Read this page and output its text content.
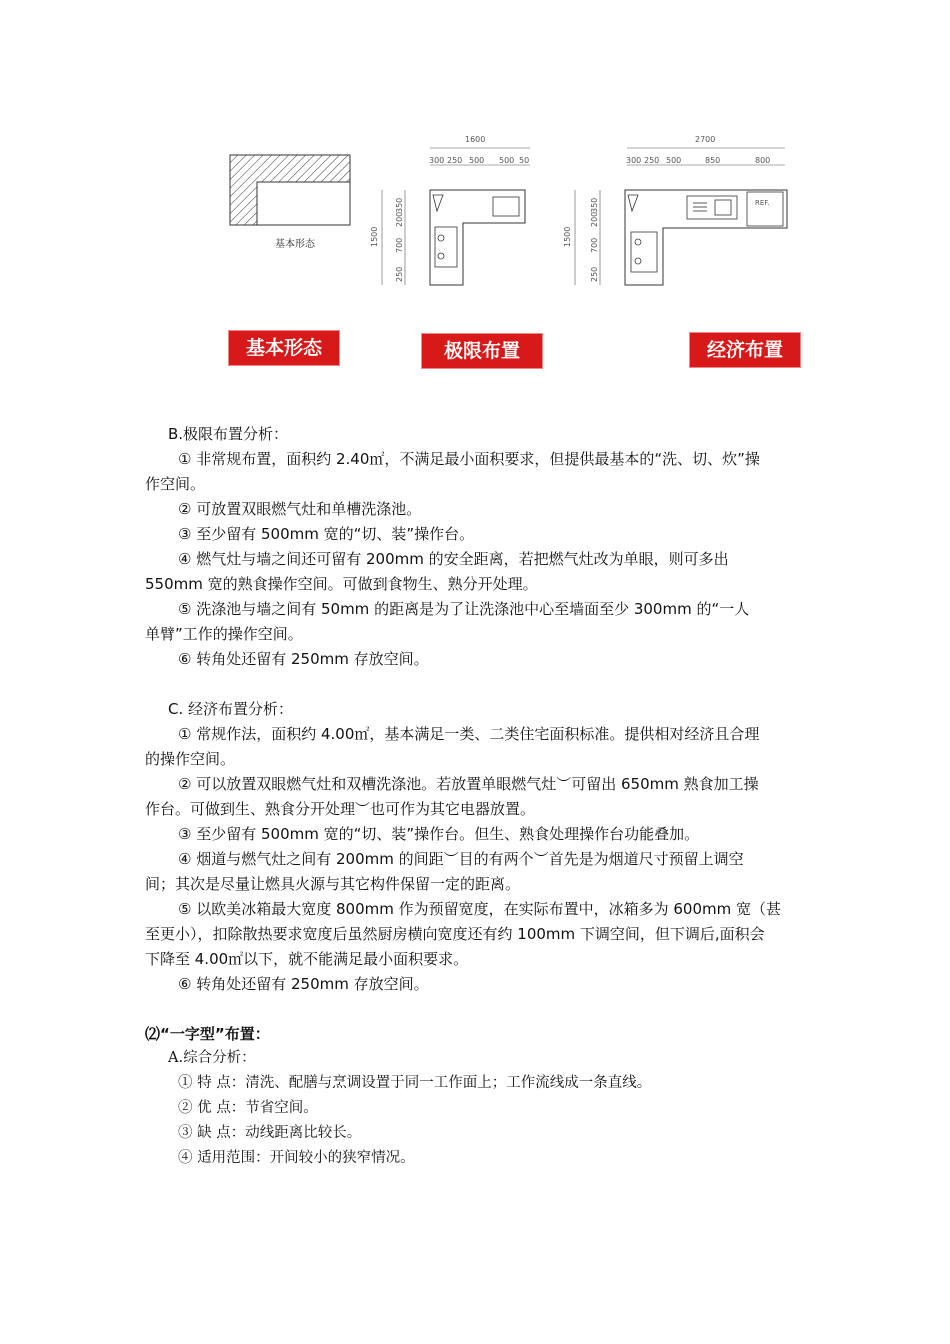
基本形态
1600
300 250 500 500 50
1500
350
200
700
250
2700
300 250 500	850	800
1500
350
200
700
250
REF.
基本形态	极限布置	经济布置
B.极限布置分析：
① 非常规布置，面积约 2.40㎡，不满足最小面积要求，但提供最基本的“洗、切、炊”操
作空间。
② 可放置双眼燃气灶和单槽洗涤池。
③ 至少留有 500mm 宽的“切、装”操作台。
④ 燃气灶与墙之间还可留有 200mm 的安全距离，若把燃气灶改为单眼，则可多出
550mm 宽的熟食操作空间。可做到食物生、熟分开处理。
⑤ 洗涤池与墙之间有 50mm 的距离是为了让洗涤池中心至墙面至少 300mm 的“一人
单臂”工作的操作空间。
⑥ 转角处还留有 250mm 存放空间。
C. 经济布置分析：
① 常规作法，面积约 4.00㎡，基本满足一类、二类住宅面积标准。提供相对经济且合理
的操作空间。
② 可以放置双眼燃气灶和双槽洗涤池。若放置单眼燃气灶︶可留出 650mm 熟食加工操
作台。可做到生、熟食分开处理︶也可作为其它电器放置。
③ 至少留有 500mm 宽的“切、装”操作台。但生、熟食处理操作台功能叠加。
④ 烟道与燃气灶之间有 200mm 的间距︶目的有两个︶首先是为烟道尺寸预留上调空
间；其次是尽量让燃具火源与其它构件保留一定的距离。
⑤ 以欧美冰箱最大宽度 800mm 作为预留宽度，在实际布置中，冰箱多为 600mm 宽（甚
至更小），扣除散热要求宽度后虽然厨房横向宽度还有约 100mm 下调空间，但下调后,面积会
下降至 4.00㎡以下，就不能满足最小面积要求。
⑥ 转角处还留有 250mm 存放空间。
⑵“一字型”布置：
A.综合分析：
① 特 点：清洗、配膳与烹调设置于同一工作面上；工作流线成一条直线。
② 优 点：节省空间。
③ 缺 点：动线距离比较长。
④ 适用范围：开间较小的狭窄情况。
